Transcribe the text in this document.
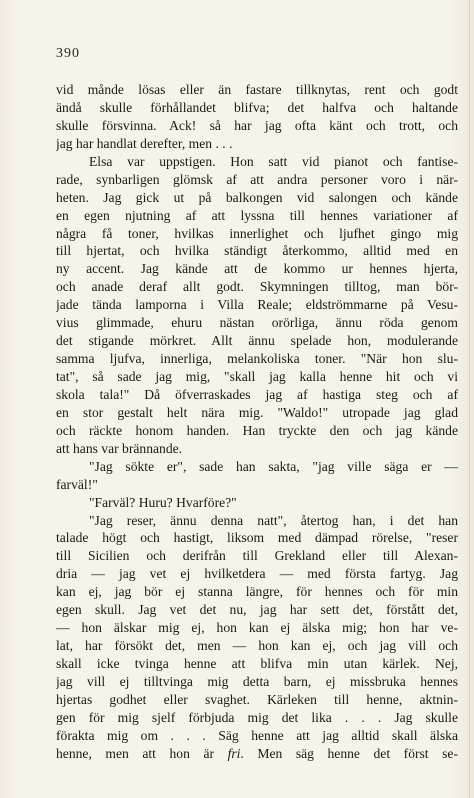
390
vid månde lösas eller än fastare tillknytas, rent och godt
ändå skulle förhållandet blifva; det halfva och haltande
skulle försvinna. Ack! så har jag ofta känt och trott, och
jag har handlat derefter, men . . .
Elsa var uppstigen. Hon satt vid pianot och fantise-
rade, synbarligen glömsk af att andra personer voro i när-
heten. Jag gick ut på balkongen vid salongen och kände
en egen njutning af att lyssna till hennes variationer af
några få toner, hvilkas innerlighet och ljufhet gingo mig
till hjertat, och hvilka ständigt återkommo, alltid med en
ny accent. Jag kände att de kommo ur hennes hjerta,
och anade deraf allt godt. Skymningen tilltog, man bör-
jade tända lamporna i Villa Reale; eldströmmarne på Vesu-
vius glimmade, ehuru nästan orörliga, ännu röda genom
det stigande mörkret. Allt ännu spelade hon, modulerande
samma ljufva, innerliga, melankoliska toner. "När hon slu-
tat", så sade jag mig, "skall jag kalla henne hit och vi
skola tala!" Då öfverraskades jag af hastiga steg och af
en stor gestalt helt nära mig. "Waldo!" utropade jag glad
och räckte honom handen. Han tryckte den och jag kände
att hans var brännande.
"Jag sökte er", sade han sakta, "jag ville säga er —
farväl!"
"Farväl? Huru? Hvarföre?"
"Jag reser, ännu denna natt", återtog han, i det han
talade högt och hastigt, liksom med dämpad rörelse, "reser
till Sicilien och derifrån till Grekland eller till Alexan-
dria — jag vet ej hvilketdera — med första fartyg. Jag
kan ej, jag bör ej stanna längre, för hennes och för min
egen skull. Jag vet det nu, jag har sett det, förstått det,
— hon älskar mig ej, hon kan ej älska mig; hon har ve-
lat, har försökt det, men — hon kan ej, och jag vill och
skall icke tvinga henne att blifva min utan kärlek. Nej,
jag vill ej tilltvinga mig detta barn, ej missbruka hennes
hjertas godhet eller svaghet. Kärleken till henne, aktnin-
gen för mig sjelf förbjuda mig det lika . . . Jag skulle
förakta mig om . . . Säg henne att jag alltid skall älska
henne, men att hon är fri. Men säg henne det först se-
